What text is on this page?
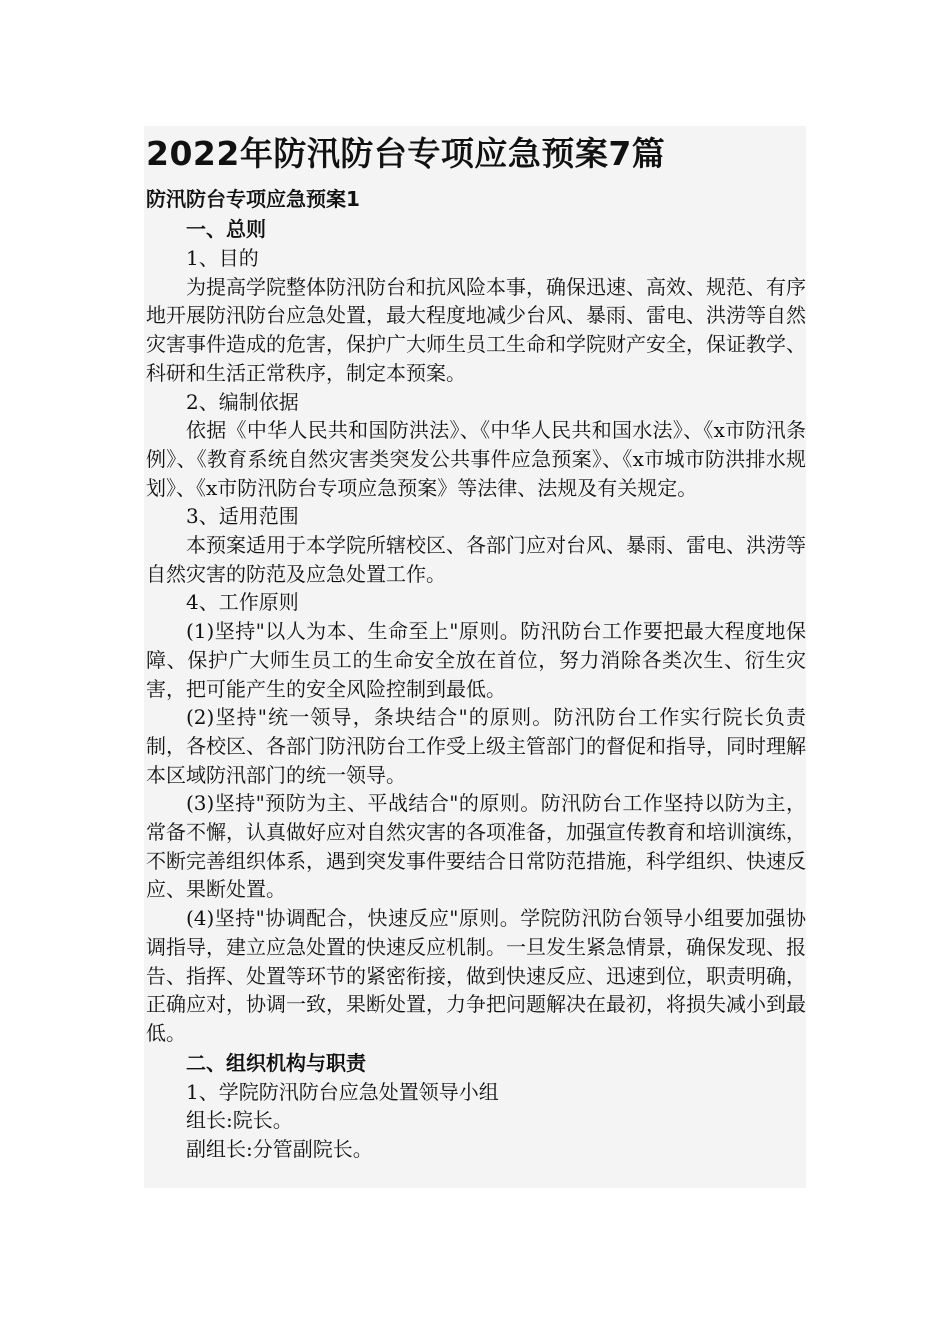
2022年防汛防台专项应急预案7篇
防汛防台专项应急预案1
一、总则
1、目的
为提高学院整体防汛防台和抗风险本事，确保迅速、高效、规范、有序地开展防汛防台应急处置，最大程度地减少台风、暴雨、雷电、洪涝等自然灾害事件造成的危害，保护广大师生员工生命和学院财产安全，保证教学、科研和生活正常秩序，制定本预案。
2、编制依据
依据《中华人民共和国防洪法》、《中华人民共和国水法》、《x市防汛条例》、《教育系统自然灾害类突发公共事件应急预案》、《x市城市防洪排水规划》、《x市防汛防台专项应急预案》等法律、法规及有关规定。
3、适用范围
本预案适用于本学院所辖校区、各部门应对台风、暴雨、雷电、洪涝等自然灾害的防范及应急处置工作。
4、工作原则
(1)坚持"以人为本、生命至上"原则。防汛防台工作要把最大程度地保障、保护广大师生员工的生命安全放在首位，努力消除各类次生、衍生灾害，把可能产生的安全风险控制到最低。
(2)坚持"统一领导，条块结合"的原则。防汛防台工作实行院长负责制，各校区、各部门防汛防台工作受上级主管部门的督促和指导，同时理解本区域防汛部门的统一领导。
(3)坚持"预防为主、平战结合"的原则。防汛防台工作坚持以防为主，常备不懈，认真做好应对自然灾害的各项准备，加强宣传教育和培训演练，不断完善组织体系，遇到突发事件要结合日常防范措施，科学组织、快速反应、果断处置。
(4)坚持"协调配合，快速反应"原则。学院防汛防台领导小组要加强协调指导，建立应急处置的快速反应机制。一旦发生紧急情景，确保发现、报告、指挥、处置等环节的紧密衔接，做到快速反应、迅速到位，职责明确，正确应对，协调一致，果断处置，力争把问题解决在最初，将损失减小到最低。
二、组织机构与职责
1、学院防汛防台应急处置领导小组
组长:院长。
副组长:分管副院长。
